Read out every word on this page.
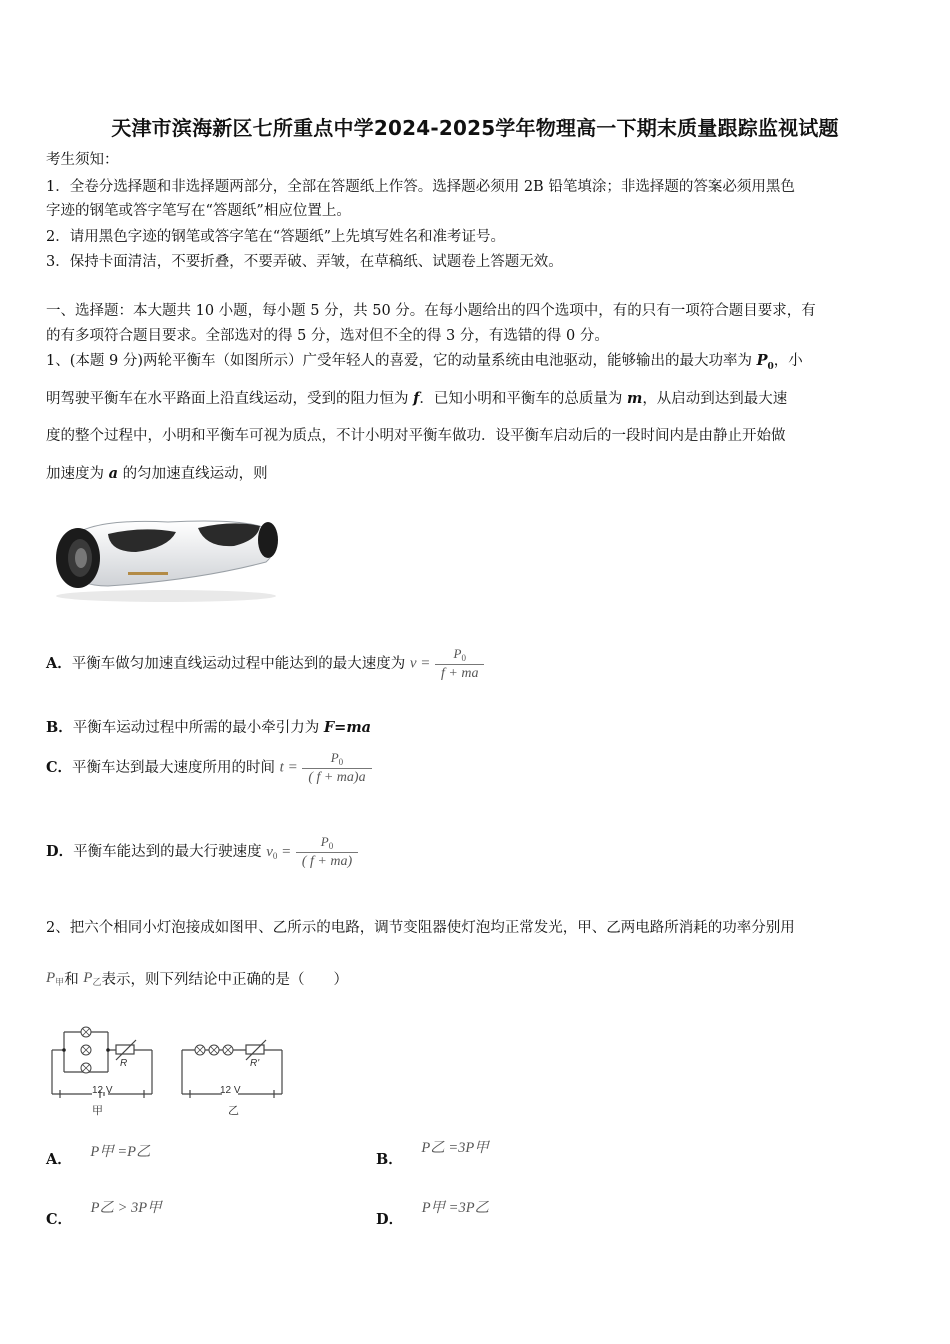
天津市滨海新区七所重点中学2024-2025学年物理高一下期末质量跟踪监视试题
考生须知：
1．全卷分选择题和非选择题两部分，全部在答题纸上作答。选择题必须用 2B 铅笔填涂；非选择题的答案必须用黑色
字迹的钢笔或答字笔写在“答题纸”相应位置上。
2．请用黑色字迹的钢笔或答字笔在“答题纸”上先填写姓名和准考证号。
3．保持卡面清洁，不要折叠，不要弄破、弄皱，在草稿纸、试题卷上答题无效。
一、选择题：本大题共 10 小题，每小题 5 分，共 50 分。在每小题给出的四个选项中，有的只有一项符合题目要求，有
的有多项符合题目要求。全部选对的得 5 分，选对但不全的得 3 分，有选错的得 0 分。
1、(本题 9 分)两轮平衡车（如图所示）广受年轻人的喜爱，它的动量系统由电池驱动，能够输出的最大功率为 $P_0$，小
明驾驶平衡车在水平路面上沿直线运动，受到的阻力恒为 f．已知小明和平衡车的总质量为 m，从启动到达到最大速
度的整个过程中，小明和平衡车可视为质点，不计小明对平衡车做功．设平衡车启动后的一段时间内是由静止开始做
加速度为 a 的匀加速直线运动，则
A．平衡车做匀加速直线运动过程中能达到的最大速度为 $v = \frac{P_0}{f + ma}$
B．平衡车运动过程中所需的最小牵引力为 F=ma
C．平衡车达到最大速度所用的时间 $t = \frac{P_0}{( f + ma)a}$
D．平衡车能达到的最大行驶速度 $v_0 = \frac{P_0}{( f + ma)}$
2、把六个相同小灯泡接成如图甲、乙所示的电路，调节变阻器使灯泡均正常发光，甲、乙两电路所消耗的功率分别用
$P_甲$和 $P_乙$表示，则下列结论中正确的是（　　）
R
12 V
甲
R'
12 V
乙
A． P甲 =P乙	B． P乙 =3P甲
C． P乙 > 3P甲
D． P甲 =3P乙
